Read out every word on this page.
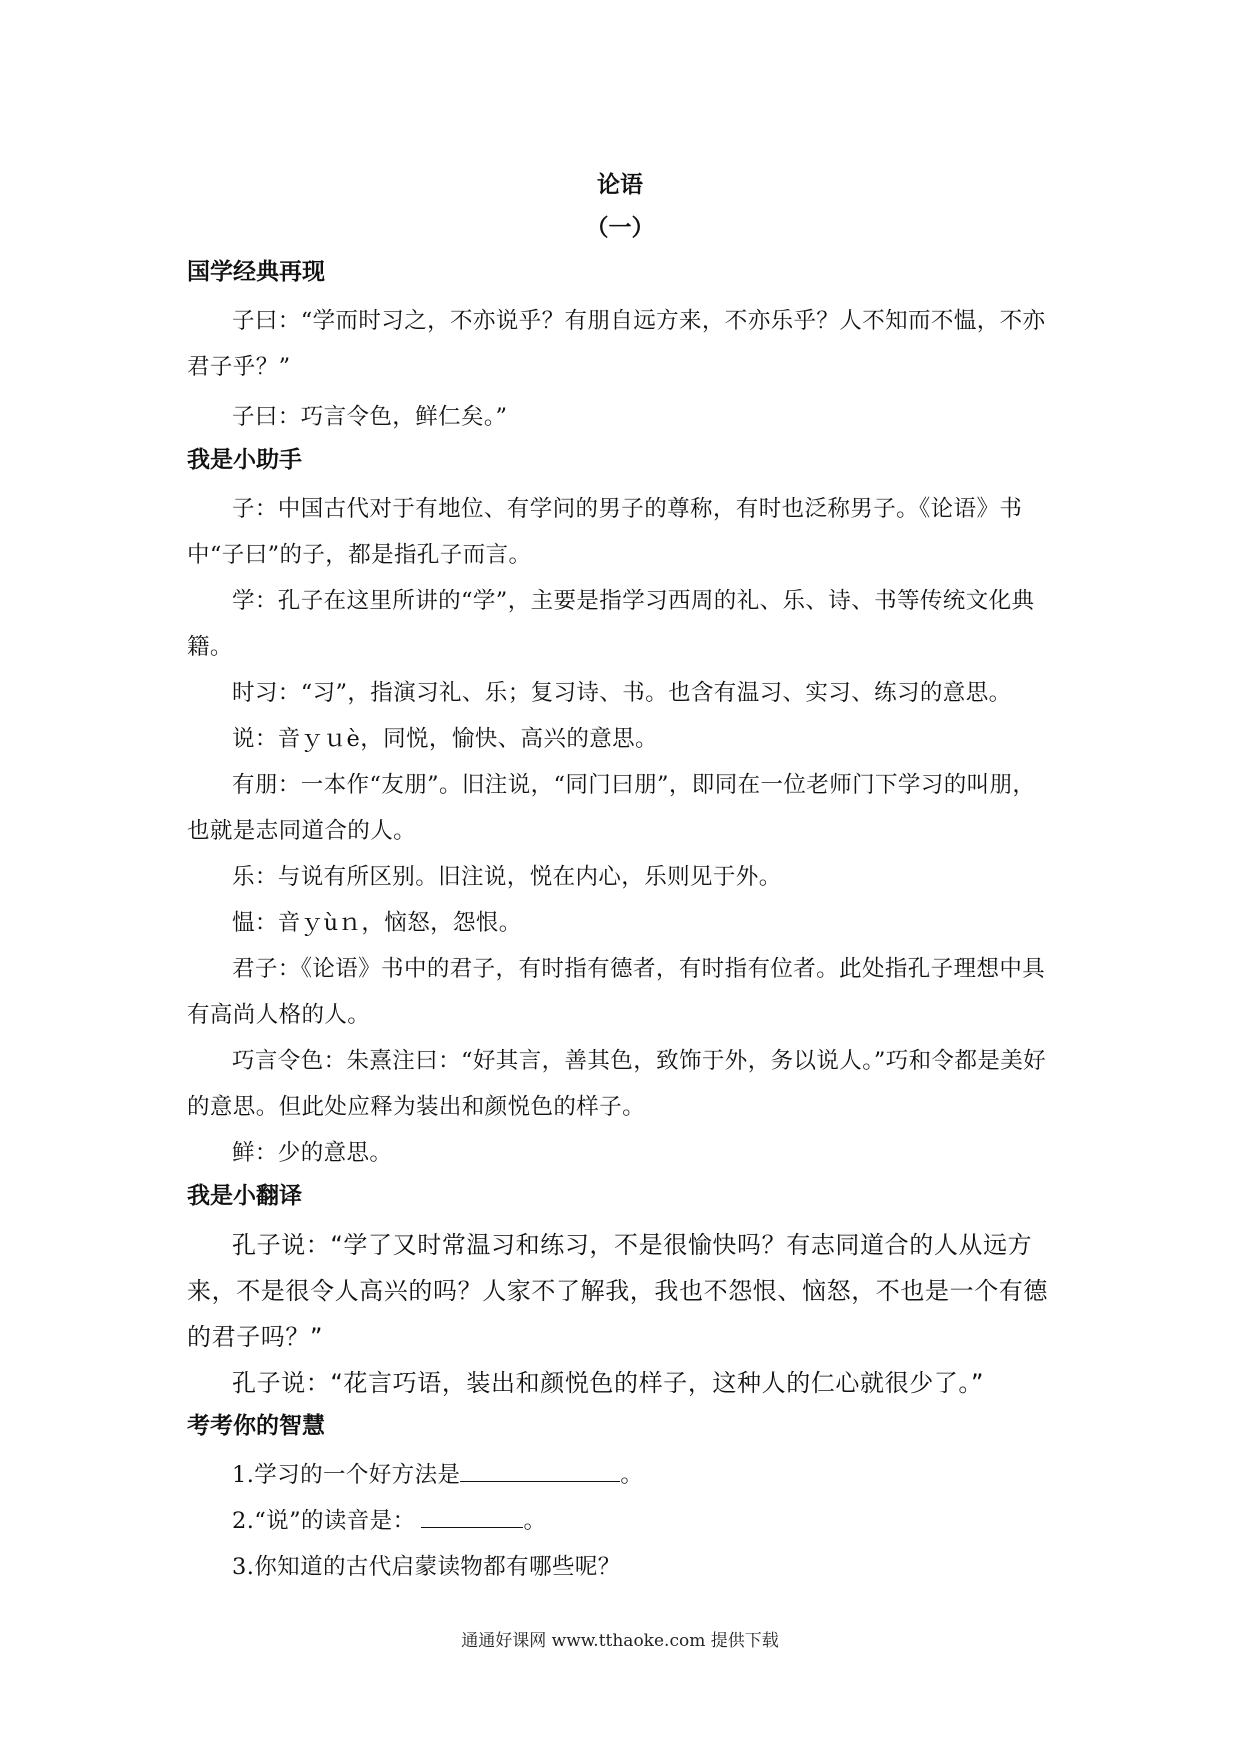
论语
（一）
国学经典再现

子曰：“学而时习之，不亦说乎？有朋自远方来，不亦乐乎？人不知而不愠，不亦君子乎？”

子曰：巧言令色，鲜仁矣。”

我是小助手

子：中国古代对于有地位、有学问的男子的尊称，有时也泛称男子。《论语》书中“子曰”的子，都是指孔子而言。

学：孔子在这里所讲的“学”，主要是指学习西周的礼、乐、诗、书等传统文化典籍。

时习：“习”，指演习礼、乐；复习诗、书。也含有温习、实习、练习的意思。

说：音ｙｕè，同悦，愉快、高兴的意思。

有朋：一本作“友朋”。旧注说，“同门曰朋”，即同在一位老师门下学习的叫朋，也就是志同道合的人。

乐：与说有所区别。旧注说，悦在内心，乐则见于外。

愠：音ｙùｎ，恼怒，怨恨。

君子：《论语》书中的君子，有时指有德者，有时指有位者。此处指孔子理想中具有高尚人格的人。

巧言令色：朱熹注曰：“好其言，善其色，致饰于外，务以说人。”巧和令都是美好的意思。但此处应释为装出和颜悦色的样子。

鲜：少的意思。

我是小翻译

孔子说：“学了又时常温习和练习，不是很愉快吗？有志同道合的人从远方来，不是很令人高兴的吗？人家不了解我，我也不怨恨、恼怒，不也是一个有德的君子吗？”

孔子说：“花言巧语，装出和颜悦色的样子，这种人的仁心就很少了。”

考考你的智慧

1.学习的一个好方法是	。

2.“说”的读音是：	。

3.你知道的古代启蒙读物都有哪些呢？

通通好课网 www.tthaoke.com 提供下载
